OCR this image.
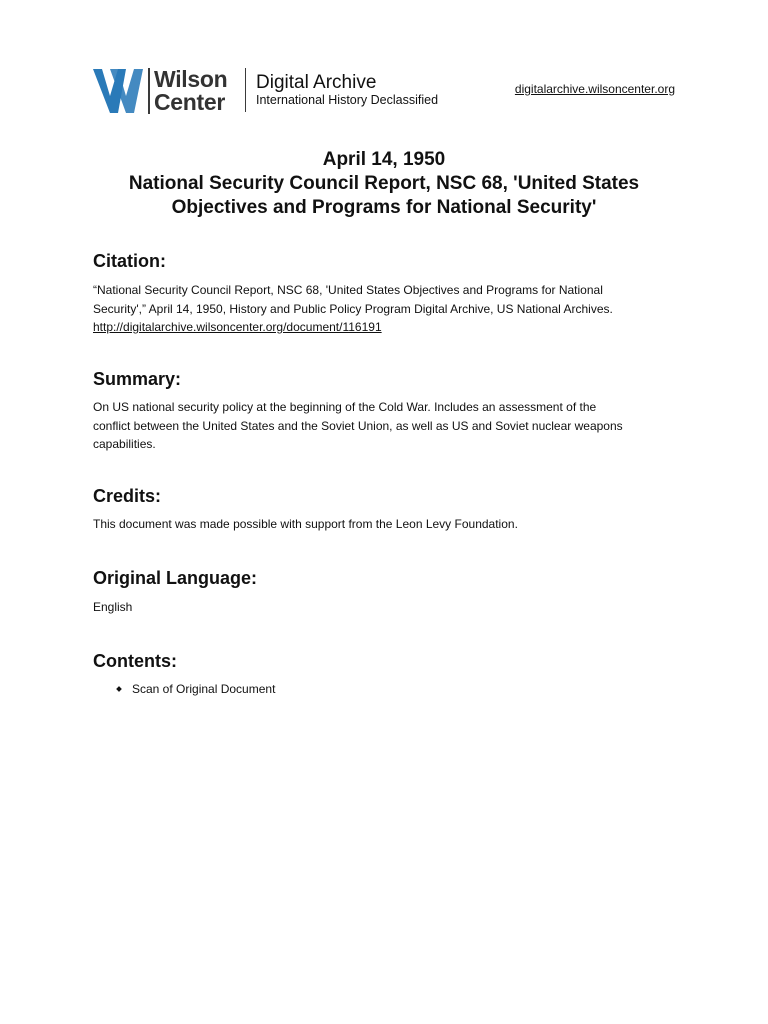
Wilson
Center
Digital Archive
International History Declassified
digitalarchive.wilsoncenter.org
April 14, 1950
National Security Council Report, NSC 68, 'United States
Objectives and Programs for National Security'
Citation:
“National Security Council Report, NSC 68, 'United States Objectives and Programs for National
Security',” April 14, 1950, History and Public Policy Program Digital Archive, US National Archives.
http://digitalarchive.wilsoncenter.org/document/116191
Summary:
On US national security policy at the beginning of the Cold War. Includes an assessment of the
conflict between the United States and the Soviet Union, as well as US and Soviet nuclear weapons
capabilities.
Credits:
This document was made possible with support from the Leon Levy Foundation.
Original Language:
English
Contents:
Scan of Original Document
